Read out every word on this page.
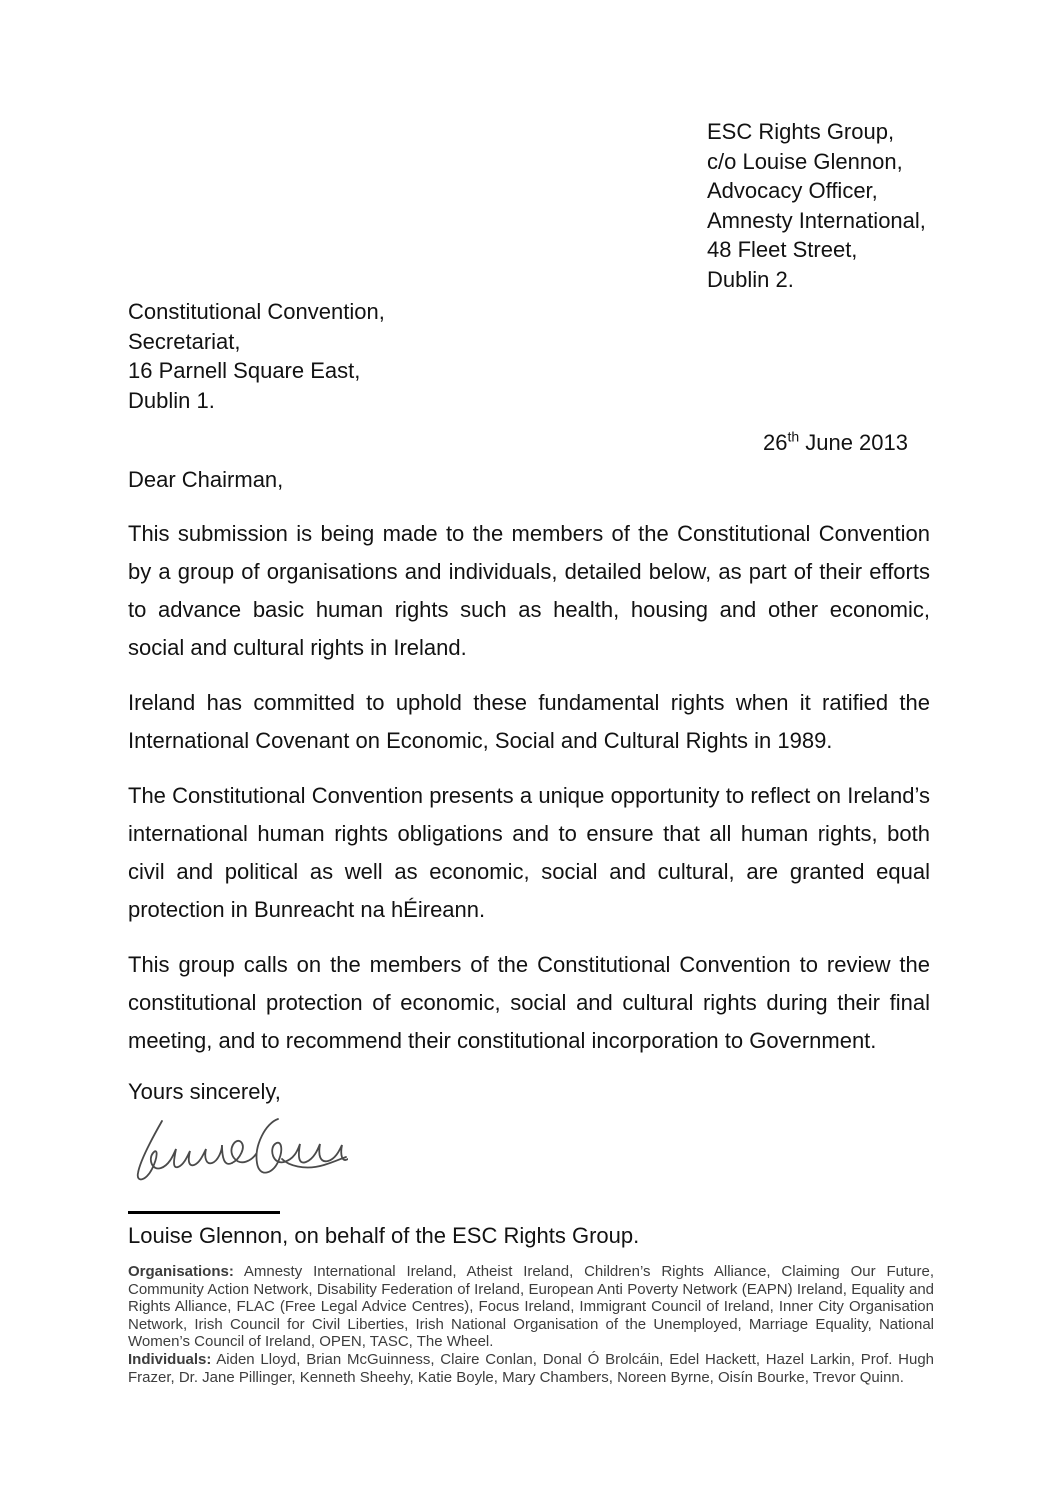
ESC Rights Group,
c/o Louise Glennon,
Advocacy Officer,
Amnesty International,
48 Fleet Street,
Dublin 2.
Constitutional Convention,
Secretariat,
16 Parnell Square East,
Dublin 1.
26th June 2013

Dear Chairman,

This submission is being made to the members of the Constitutional Convention by a group of organisations and individuals, detailed below, as part of their efforts to advance basic human rights such as health, housing and other economic, social and cultural rights in Ireland.

Ireland has committed to uphold these fundamental rights when it ratified the International Covenant on Economic, Social and Cultural Rights in 1989.

The Constitutional Convention presents a unique opportunity to reflect on Ireland’s international human rights obligations and to ensure that all human rights, both civil and political as well as economic, social and cultural, are granted equal protection in Bunreacht na hÉireann.

This group calls on the members of the Constitutional Convention to review the constitutional protection of economic, social and cultural rights during their final meeting, and to recommend their constitutional incorporation to Government.

Yours sincerely,

Louise Glennon, on behalf of the ESC Rights Group.

Organisations: Amnesty International Ireland, Atheist Ireland, Children’s Rights Alliance, Claiming Our Future, Community Action Network, Disability Federation of Ireland, European Anti Poverty Network (EAPN) Ireland, Equality and Rights Alliance, FLAC (Free Legal Advice Centres), Focus Ireland, Immigrant Council of Ireland, Inner City Organisation Network, Irish Council for Civil Liberties, Irish National Organisation of the Unemployed, Marriage Equality, National Women’s Council of Ireland, OPEN, TASC, The Wheel.

Individuals: Aiden Lloyd, Brian McGuinness, Claire Conlan, Donal Ó Brolcáin, Edel Hackett, Hazel Larkin, Prof. Hugh Frazer, Dr. Jane Pillinger, Kenneth Sheehy, Katie Boyle, Mary Chambers, Noreen Byrne, Oisín Bourke, Trevor Quinn.
